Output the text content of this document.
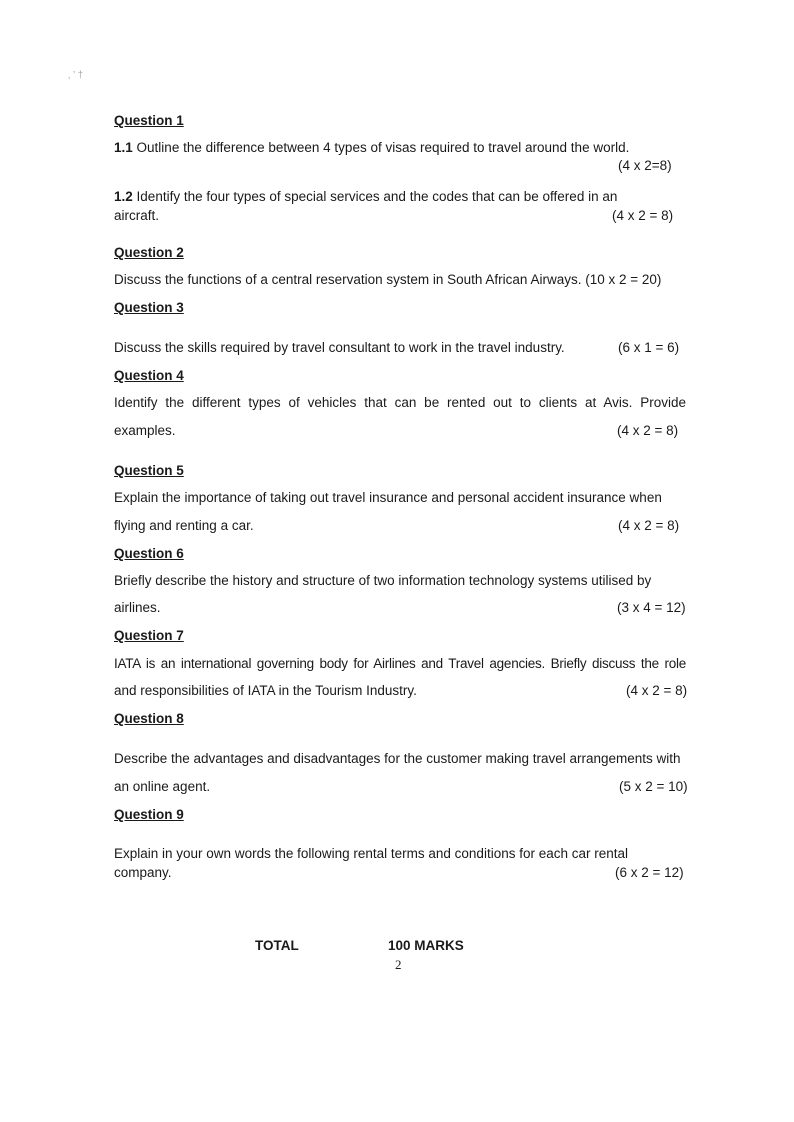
‚ ’ †
Question 1
1.1 Outline the difference between 4 types of visas required to travel around the world.
(4 x 2=8)
1.2 Identify the four types of special services and the codes that can be offered in an
aircraft.	(4 x 2 = 8)
Question 2
Discuss the functions of a central reservation system in South African Airways. (10 x 2 = 20)
Question 3
Discuss the skills required by travel consultant to work in the travel industry.	(6 x 1 = 6)
Question 4
Identify the different types of vehicles that can be rented out to clients at Avis. Provide
examples.	(4 x 2 = 8)
Question 5
Explain the importance of taking out travel insurance and personal accident insurance when
flying and renting a car.	(4 x 2 = 8)
Question 6
Briefly describe the history and structure of two information technology systems utilised by
airlines.	(3 x 4 = 12)
Question 7
IATA is an international governing body for Airlines and Travel agencies. Briefly discuss the role
and responsibilities of IATA in the Tourism Industry.	(4 x 2 = 8)
Question 8
Describe the advantages and disadvantages for the customer making travel arrangements with
an online agent.	(5 x 2 = 10)
Question 9
Explain in your own words the following rental terms and conditions for each car rental
company.	(6 x 2 = 12)
TOTAL	100 MARKS
2
